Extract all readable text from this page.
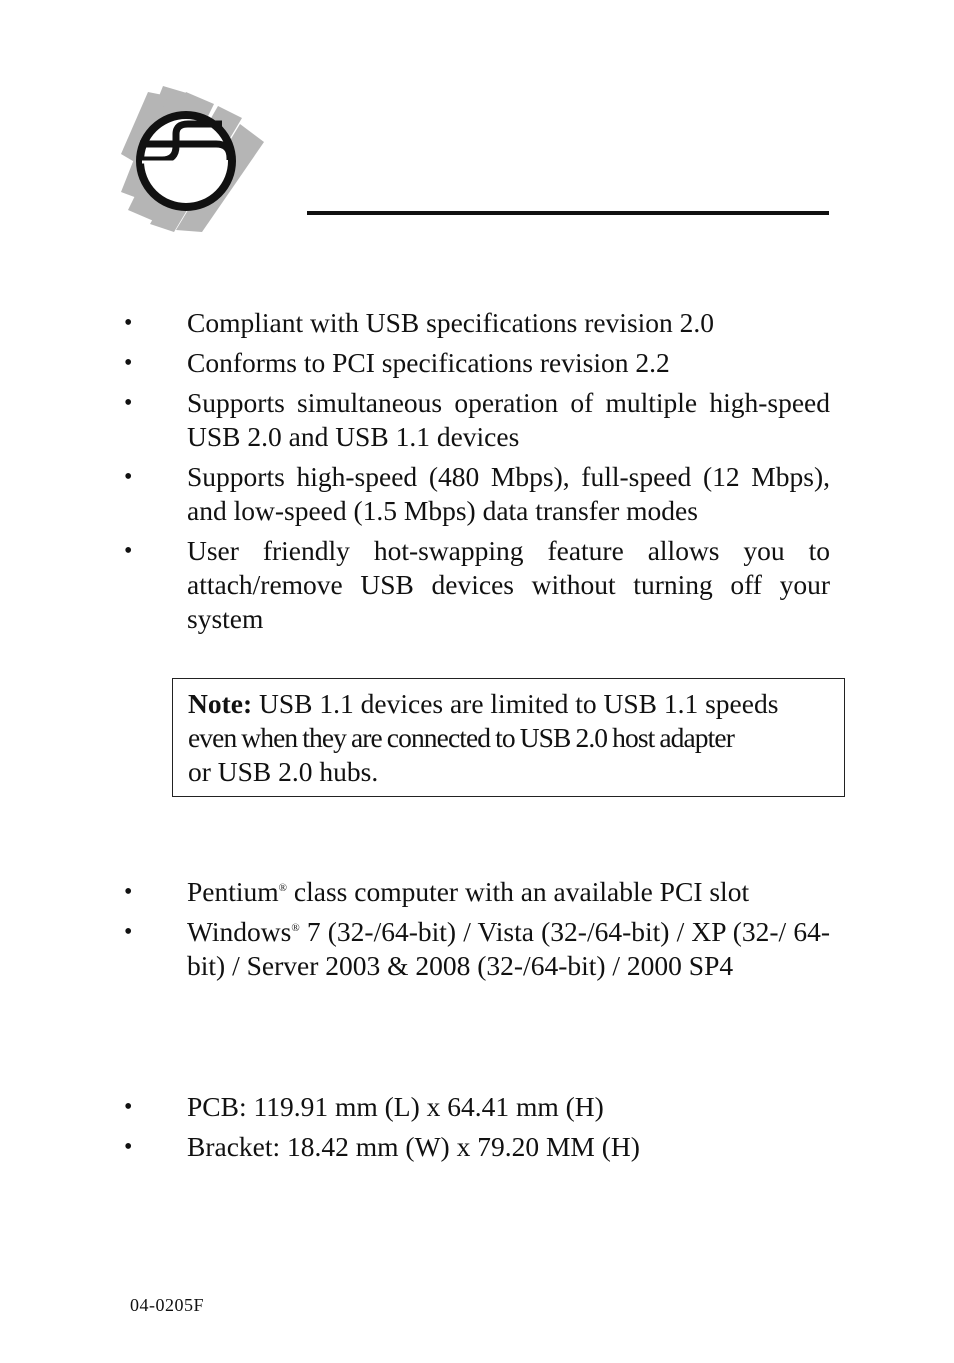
• Compliant with USB specifications revision 2.0
• Conforms to PCI specifications revision 2.2
• Supports simultaneous operation of multiple high-speed USB 2.0 and USB 1.1 devices
• Supports high-speed (480 Mbps), full-speed (12 Mbps), and low-speed (1.5 Mbps) data transfer modes
• User friendly hot-swapping feature allows you to attach/remove USB devices without turning off your system
Note: USB 1.1 devices are limited to USB 1.1 speeds
even when they are connected to USB 2.0 host adapter
or USB 2.0 hubs.
• Pentium® class computer with an available PCI slot
• Windows® 7 (32-/64-bit) / Vista (32-/64-bit) / XP (32-/ 64-bit) / Server 2003 & 2008 (32-/64-bit) / 2000 SP4
• PCB: 119.91 mm (L) x 64.41 mm (H)
• Bracket: 18.42 mm (W) x 79.20 MM (H)
04-0205F
